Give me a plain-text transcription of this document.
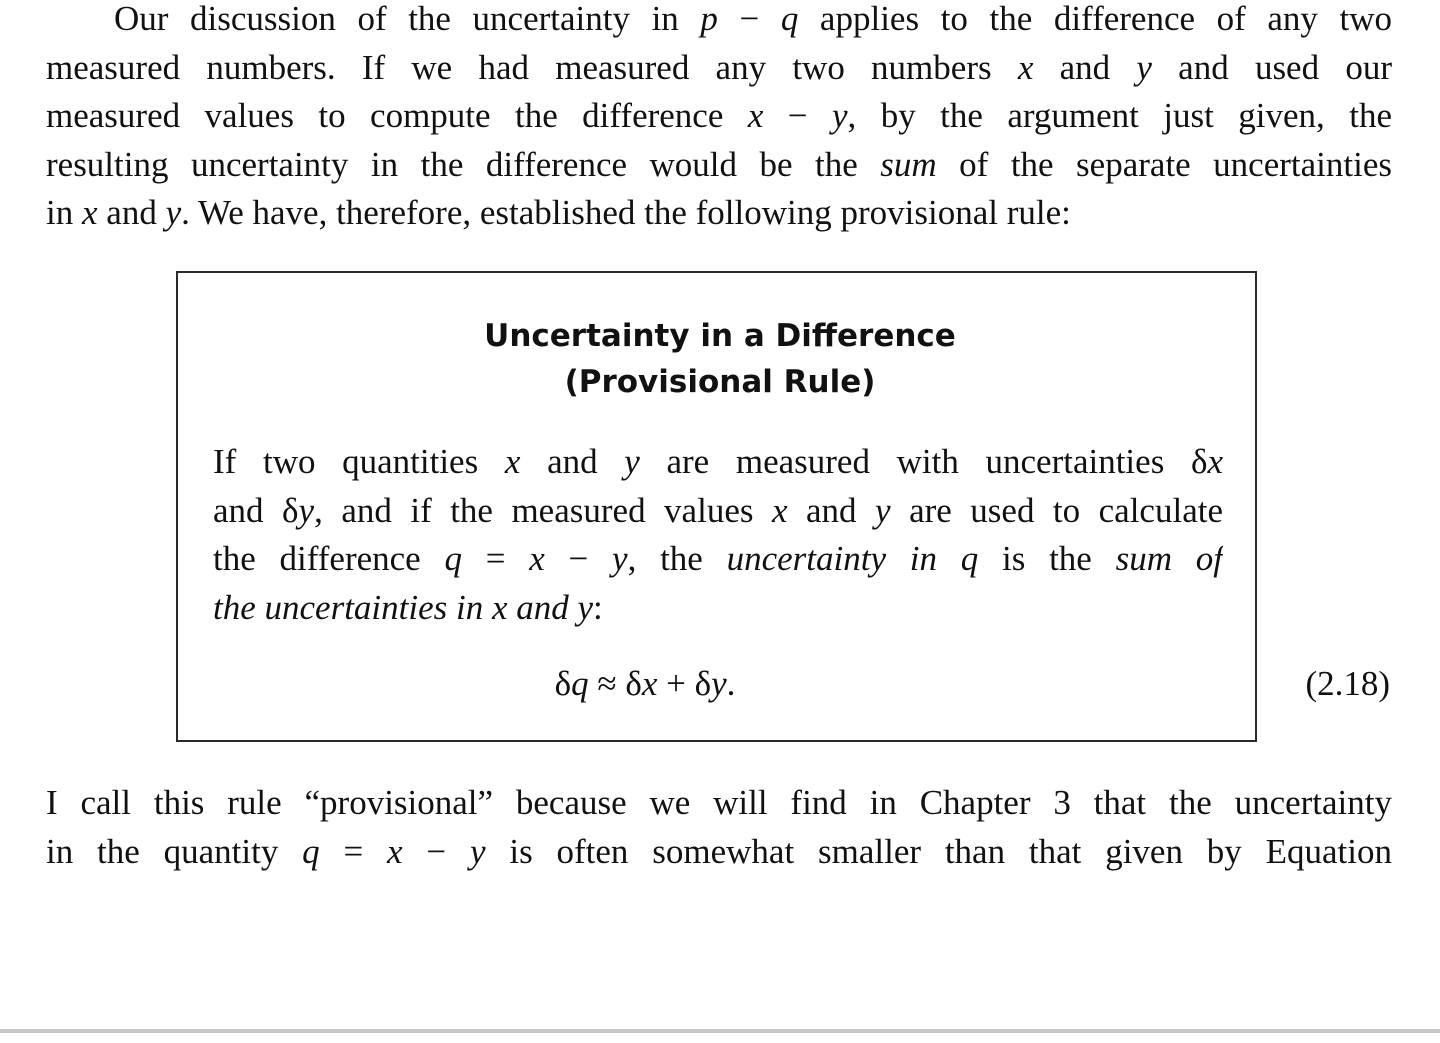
Our discussion of the uncertainty in p − q applies to the difference of any two
measured numbers. If we had measured any two numbers x and y and used our
measured values to compute the difference x − y, by the argument just given, the
resulting uncertainty in the difference would be the sum of the separate uncertainties
in x and y. We have, therefore, established the following provisional rule:

Uncertainty in a Difference
(Provisional Rule)
If two quantities x and y are measured with uncertainties δx
and δy, and if the measured values x and y are used to calculate
the difference q = x − y, the uncertainty in q is the sum of
the uncertainties in x and y:
δq ≈ δx + δy.	(2.18)

I call this rule “provisional” because we will find in Chapter 3 that the uncertainty
in the quantity q = x − y is often somewhat smaller than that given by Equation
